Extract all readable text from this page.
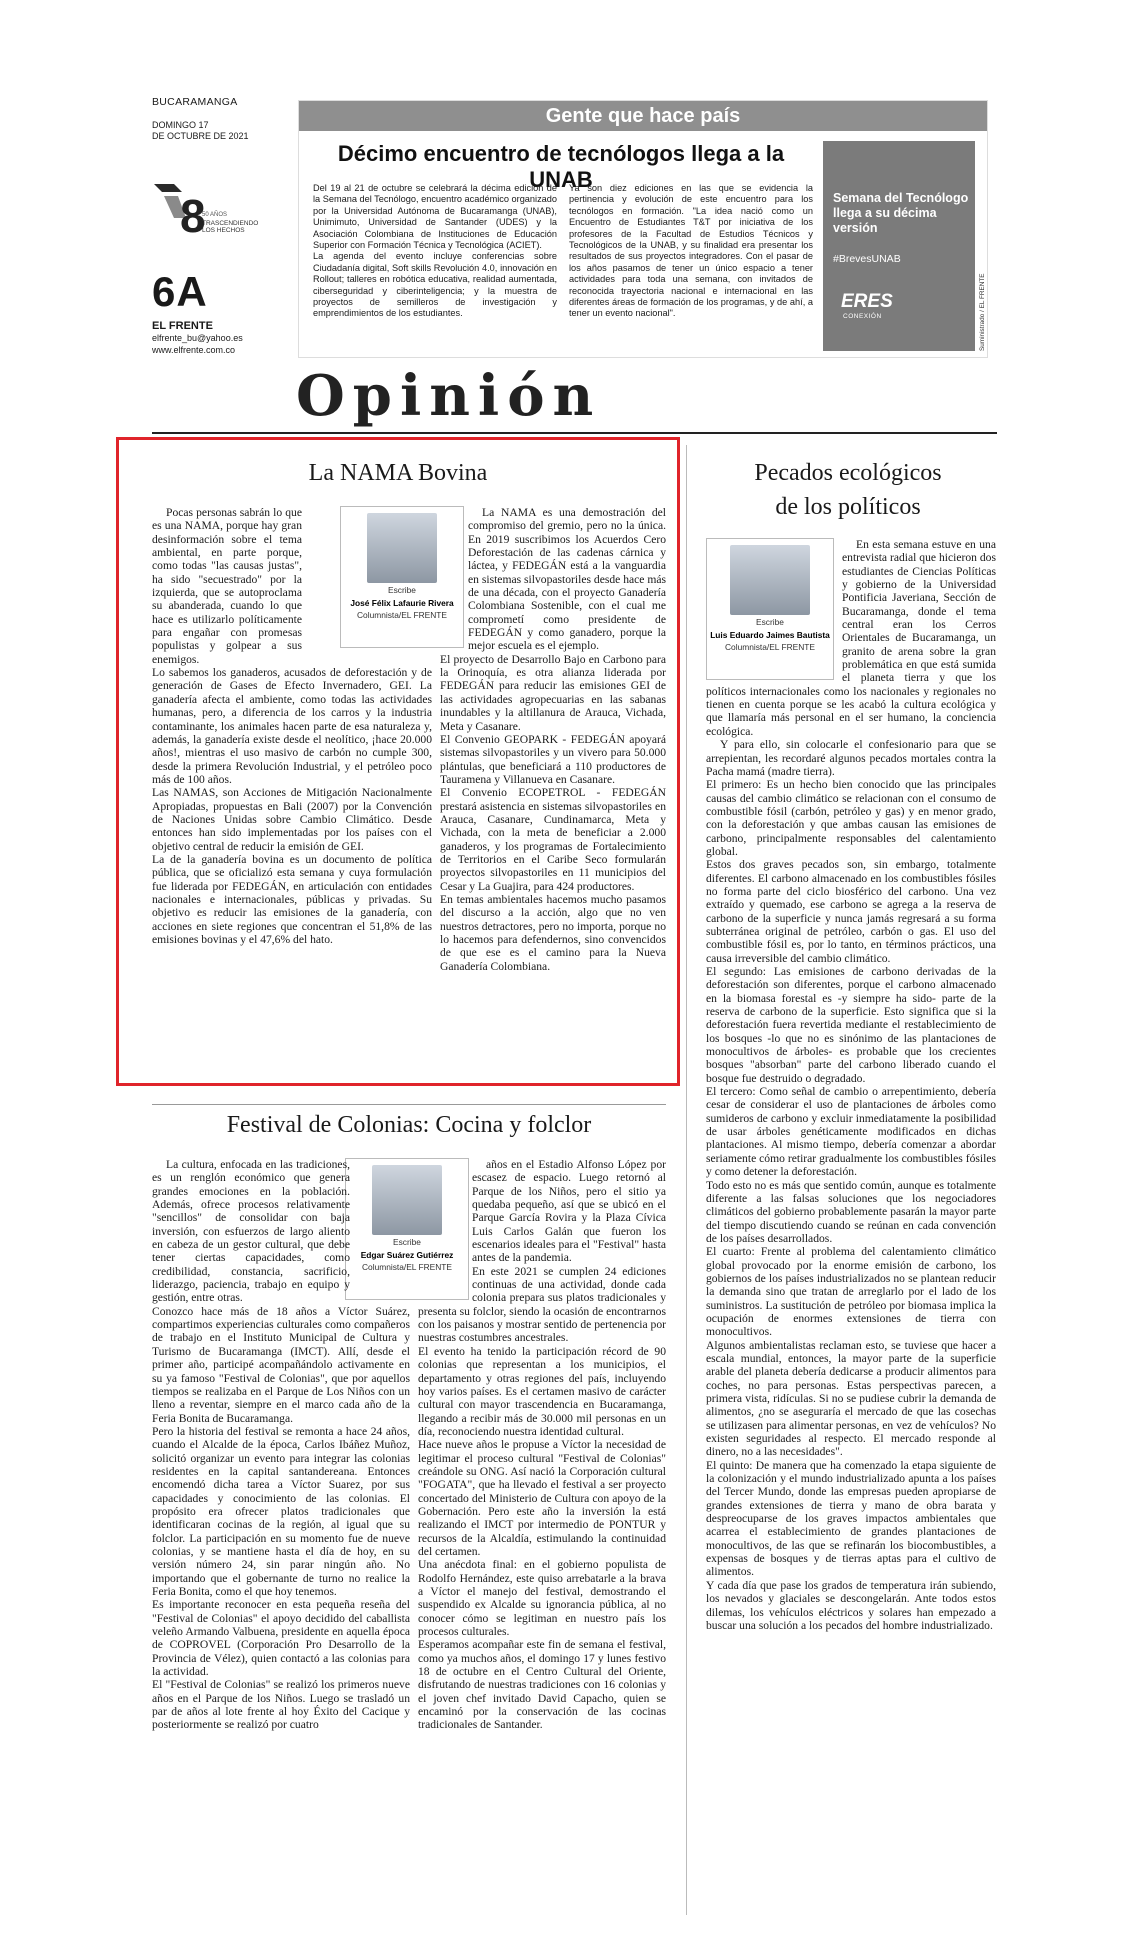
BUCARAMANGA
DOMINGO 17
DE OCTUBRE DE 2021
8
50 AÑOS
TRASCENDIENDO LOS HECHOS
6A
EL FRENTE
elfrente_bu@yahoo.es
www.elfrente.com.co
Gente que hace país
Décimo encuentro de tecnólogos llega a la UNAB
Del 19 al 21 de octubre se celebrará la décima edición de la Semana del Tecnólogo, encuentro académico organizado por la Universidad Autónoma de Bucaramanga (UNAB), Unimimuto, Universidad de Santander (UDES) y la Asociación Colombiana de Instituciones de Educación Superior con Formación Técnica y Tecnológica (ACIET).
La agenda del evento incluye conferencias sobre Ciudadanía digital, Soft skills Revolución 4.0, innovación en Rollout; talleres en robótica educativa, realidad aumentada, ciberseguridad y ciberinteligencia; y la muestra de proyectos de semilleros de investigación y emprendimientos de los estudiantes.
Ya son diez ediciones en las que se evidencia la pertinencia y evolución de este encuentro para los tecnólogos en formación. "La idea nació como un Encuentro de Estudiantes T&T por iniciativa de los profesores de la Facultad de Estudios Técnicos y Tecnológicos de la UNAB, y su finalidad era presentar los resultados de sus proyectos integradores. Con el pasar de los años pasamos de tener un único espacio a tener actividades para toda una semana, con invitados de reconocida trayectoria nacional e internacional en las diferentes áreas de formación de los programas, y de ahí, a tener un evento nacional".
Semana del Tecnólogo llega a su décima versión
#BrevesUNAB
ERES
CONEXIÓN	Suministrado / EL FRENTE
Opinión
La NAMA Bovina
Escribe
José Félix Lafaurie Rivera
Columnista/EL FRENTE

Pocas personas sabrán lo que es una NAMA, porque hay gran desinformación sobre el tema ambiental, en parte porque, como todas "las causas justas", ha sido "secuestrado" por la izquierda, que se autoproclama su abanderada, cuando lo que hace es utilizarlo políticamente para engañar con promesas populistas y golpear a sus enemigos.
Lo sabemos los ganaderos, acusados de deforestación y de generación de Gases de Efecto Invernadero, GEI. La ganadería afecta el ambiente, como todas las actividades humanas, pero, a diferencia de los carros y la industria contaminante, los animales hacen parte de esa naturaleza y, además, la ganadería existe desde el neolítico, ¡hace 20.000 años!, mientras el uso masivo de carbón no cumple 300, desde la primera Revolución Industrial, y el petróleo poco más de 100 años.
Las NAMAS, son Acciones de Mitigación Nacionalmente Apropiadas, propuestas en Bali (2007) por la Convención de Naciones Unidas sobre Cambio Climático. Desde entonces han sido implementadas por los países con el objetivo central de reducir la emisión de GEI.
La de la ganadería bovina es un documento de política pública, que se oficializó esta semana y cuya formulación fue liderada por FEDEGÁN, en articulación con entidades nacionales e internacionales, públicas y privadas. Su objetivo es reducir las emisiones de la ganadería, con acciones en siete regiones que concentran el 51,8% de las emisiones bovinas y el 47,6% del hato.

La NAMA es una demostración del compromiso del gremio, pero no la única. En 2019 suscribimos los Acuerdos Cero Deforestación de las cadenas cárnica y láctea, y FEDEGÁN está a la vanguardia en sistemas silvopastoriles desde hace más de una década, con el proyecto Ganadería Colombiana Sostenible, con el cual me comprometí como presidente de FEDEGÁN y como ganadero, porque la mejor escuela es el ejemplo.
El proyecto de Desarrollo Bajo en Carbono para la Orinoquía, es otra alianza liderada por FEDEGÁN para reducir las emisiones GEI de las actividades agropecuarias en las sabanas inundables y la altillanura de Arauca, Vichada, Meta y Casanare.
El Convenio GEOPARK - FEDEGÁN apoyará sistemas silvopastoriles y un vivero para 50.000 plántulas, que beneficiará a 110 productores de Tauramena y Villanueva en Casanare.
El Convenio ECOPETROL - FEDEGÁN prestará asistencia en sistemas silvopastoriles en Arauca, Casanare, Cundinamarca, Meta y Vichada, con la meta de beneficiar a 2.000 ganaderos, y los programas de Fortalecimiento de Territorios en el Caribe Seco formularán proyectos silvopastoriles en 11 municipios del Cesar y La Guajira, para 424 productores.
En temas ambientales hacemos mucho pasamos del discurso a la acción, algo que no ven nuestros detractores, pero no importa, porque no lo hacemos para defendernos, sino convencidos de que ese es el camino para la Nueva Ganadería Colombiana.

Festival de Colonias: Cocina y folclor
Escribe
Edgar Suárez Gutiérrez
Columnista/EL FRENTE

La cultura, enfocada en las tradiciones, es un renglón económico que genera grandes emociones en la población. Además, ofrece procesos relativamente "sencillos" de consolidar con baja inversión, con esfuerzos de largo aliento en cabeza de un gestor cultural, que debe tener ciertas capacidades, como credibilidad, constancia, sacrificio, liderazgo, paciencia, trabajo en equipo y gestión, entre otras.
Conozco hace más de 18 años a Víctor Suárez, compartimos experiencias culturales como compañeros de trabajo en el Instituto Municipal de Cultura y Turismo de Bucaramanga (IMCT). Allí, desde el primer año, participé acompañándolo activamente en su ya famoso "Festival de Colonias", que por aquellos tiempos se realizaba en el Parque de Los Niños con un lleno a reventar, siempre en el marco cada año de la Feria Bonita de Bucaramanga.
Pero la historia del festival se remonta a hace 24 años, cuando el Alcalde de la época, Carlos Ibáñez Muñoz, solicitó organizar un evento para integrar las colonias residentes en la capital santandereana. Entonces encomendó dicha tarea a Víctor Suarez, por sus capacidades y conocimiento de las colonias. El propósito era ofrecer platos tradicionales que identificaran cocinas de la región, al igual que su folclor. La participación en su momento fue de nueve colonias, y se mantiene hasta el día de hoy, en su versión número 24, sin parar ningún año. No importando que el gobernante de turno no realice la Feria Bonita, como el que hoy tenemos.
Es importante reconocer en esta pequeña reseña del "Festival de Colonias" el apoyo decidido del caballista veleño Armando Valbuena, presidente en aquella época de COPROVEL (Corporación Pro Desarrollo de la Provincia de Vélez), quien contactó a las colonias para la actividad.
El "Festival de Colonias" se realizó los primeros nueve años en el Parque de los Niños. Luego se trasladó un par de años al lote frente al hoy Éxito del Cacique y posteriormente se realizó por cuatro

años en el Estadio Alfonso López por escasez de espacio. Luego retornó al Parque de los Niños, pero el sitio ya quedaba pequeño, así que se ubicó en el Parque García Rovira y la Plaza Cívica Luis Carlos Galán que fueron los escenarios ideales para el "Festival" hasta antes de la pandemia.
En este 2021 se cumplen 24 ediciones continuas de una actividad, donde cada colonia prepara sus platos tradicionales y presenta su folclor, siendo la ocasión de encontrarnos con los paisanos y mostrar sentido de pertenencia por nuestras costumbres ancestrales.
El evento ha tenido la participación récord de 90 colonias que representan a los municipios, el departamento y otras regiones del país, incluyendo hoy varios países. Es el certamen masivo de carácter cultural con mayor trascendencia en Bucaramanga, llegando a recibir más de 30.000 mil personas en un día, reconociendo nuestra identidad cultural.
Hace nueve años le propuse a Víctor la necesidad de legitimar el proceso cultural "Festival de Colonias" creándole su ONG. Así nació la Corporación cultural "FOGATA", que ha llevado el festival a ser proyecto concertado del Ministerio de Cultura con apoyo de la Gobernación. Pero este año la inversión la está realizando el IMCT por intermedio de PONTUR y recursos de la Alcaldía, estimulando la continuidad del certamen.
Una anécdota final: en el gobierno populista de Rodolfo Hernández, este quiso arrebatarle a la brava a Víctor el manejo del festival, demostrando el suspendido ex Alcalde su ignorancia pública, al no conocer cómo se legitiman en nuestro país los procesos culturales.
Esperamos acompañar este fin de semana el festival, como ya muchos años, el domingo 17 y lunes festivo 18 de octubre en el Centro Cultural del Oriente, disfrutando de nuestras tradiciones con 16 colonias y el joven chef invitado David Capacho, quien se encaminó por la conservación de las cocinas tradicionales de Santander.

Pecados ecológicos
de los políticos
Escribe
Luis Eduardo Jaimes Bautista
Columnista/EL FRENTE

En esta semana estuve en una entrevista radial que hicieron dos estudiantes de Ciencias Políticas y gobierno de la Universidad Pontificia Javeriana, Sección de Bucaramanga, donde el tema central eran los Cerros Orientales de Bucaramanga, un granito de arena sobre la gran problemática en que está sumida el planeta tierra y que los políticos internacionales como los nacionales y regionales no tienen en cuenta porque se les acabó la cultura ecológica y que llamaría más personal en el ser humano, la conciencia ecológica.

Y para ello, sin colocarle el confesionario para que se arrepientan, les recordaré algunos pecados mortales contra la Pacha mamá (madre tierra).
El primero: Es un hecho bien conocido que las principales causas del cambio climático se relacionan con el consumo de combustible fósil (carbón, petróleo y gas) y en menor grado, con la deforestación y que ambas causan las emisiones de carbono, principalmente responsables del calentamiento global.
Estos dos graves pecados son, sin embargo, totalmente diferentes. El carbono almacenado en los combustibles fósiles no forma parte del ciclo biosférico del carbono. Una vez extraído y quemado, ese carbono se agrega a la reserva de carbono de la superficie y nunca jamás regresará a su forma subterránea original de petróleo, carbón o gas. El uso del combustible fósil es, por lo tanto, en términos prácticos, una causa irreversible del cambio climático.
El segundo: Las emisiones de carbono derivadas de la deforestación son diferentes, porque el carbono almacenado en la biomasa forestal es -y siempre ha sido- parte de la reserva de carbono de la superficie. Esto significa que si la deforestación fuera revertida mediante el restablecimiento de los bosques -lo que no es sinónimo de las plantaciones de monocultivos de árboles- es probable que los crecientes bosques "absorban" parte del carbono liberado cuando el bosque fue destruido o degradado.
El tercero: Como señal de cambio o arrepentimiento, debería cesar de considerar el uso de plantaciones de árboles como sumideros de carbono y excluir inmediatamente la posibilidad de usar árboles genéticamente modificados en dichas plantaciones. Al mismo tiempo, debería comenzar a abordar seriamente cómo retirar gradualmente los combustibles fósiles y como detener la deforestación.
Todo esto no es más que sentido común, aunque es totalmente diferente a las falsas soluciones que los negociadores climáticos del gobierno probablemente pasarán la mayor parte del tiempo discutiendo cuando se reúnan en cada convención de los países desarrollados.
El cuarto: Frente al problema del calentamiento climático global provocado por la enorme emisión de carbono, los gobiernos de los países industrializados no se plantean reducir la demanda sino que tratan de arreglarlo por el lado de los suministros. La sustitución de petróleo por biomasa implica la ocupación de enormes extensiones de tierra con monocultivos.
Algunos ambientalistas reclaman esto, se tuviese que hacer a escala mundial, entonces, la mayor parte de la superficie arable del planeta debería dedicarse a producir alimentos para coches, no para personas. Estas perspectivas parecen, a primera vista, ridículas. Si no se pudiese cubrir la demanda de alimentos, ¿no se aseguraría el mercado de que las cosechas se utilizasen para alimentar personas, en vez de vehículos? No existen seguridades al respecto. El mercado responde al dinero, no a las necesidades".
El quinto: De manera que ha comenzado la etapa siguiente de la colonización y el mundo industrializado apunta a los países del Tercer Mundo, donde las empresas pueden apropiarse de grandes extensiones de tierra y mano de obra barata y despreocuparse de los graves impactos ambientales que acarrea el establecimiento de grandes plantaciones de monocultivos, de las que se refinarán los biocombustibles, a expensas de bosques y de tierras aptas para el cultivo de alimentos.
Y cada día que pase los grados de temperatura irán subiendo, los nevados y glaciales se descongelarán. Ante todos estos dilemas, los vehículos eléctricos y solares han empezado a buscar una solución a los pecados del hombre industrializado.
